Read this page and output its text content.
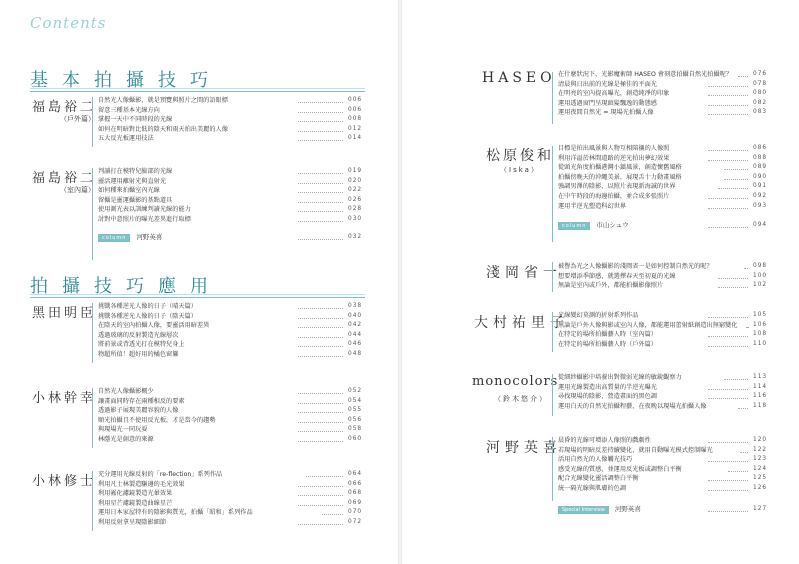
Contents
基本拍攝技巧
福島裕二
（戶外篇）
自然光人像攝影，就是預覽與照片之間的語眼標	006
留意三種基本光線方向	006
掌握一天中不同時段的光線	008
如何在明暗對比低的陰天和雨天拍出美麗的人像	012
五大反光板運用技法	014
福島裕二
（室內篇）
判讀打在模特兒臉部的光線	019
靈活運用離射光與直射光	020
如何種來拍攝室內光線	022
留攝是靈運攝影的基點道具	026
使用測光表以訓練判讀光線的能力	028
討對中意照片的曝光差異進行取標	030
column 河野英喜	032
拍攝技巧應用
黑田明臣 挑戰各種逆光人像的日子（晴天篇）	038
挑戰各種逆光人像的日子（陰天篇）	040
在陰天的室內拍攝人像，要靈活用暗差異	042
透過玻璃的反射製造光線層次	044
將前景或背透光打在模特兒身上	046
物超所值！超好用的橘色窗簾	048
小林幹幸 自然光人像攝影概少	052
讓畫面同時存在兩種相反的要素	054
透過影子展現美麗容貌的人像	055
順光拍攝且不使用反光板，才是當今的趨勢	056
與現場光一同玩耍	058
林蔭光是創意的來源	060
小林修士 充分運用光線反射的「re-flection」系列作品	064
利用凡士林製造驅邊的毛光效果	066
利用霧化濾鏡製造光暈效果	068
利用星芒濾鏡製造曲線星芒	069
運用日本家屋特有的陰影與質光，拍攝「昭和」系列作品	070
利用反射拿呈現陰影細節	072
HASEO 在什麼狀況下，光影魔術師 HASEO 會刻意拍攝自然光拍攝呢？	076
清晨與日出前的光線是極佳的平面光	078
在明亮的室內提高曝光，創造純淨的印象	080
運用透過窗門呈現頭髮飄逸的動態感	082
運用夜間自然光 = 現場光拍攝人像	083
松原俊和
（Iska）
目標是拍出風景與人物互相陪襯的人像照	086
利用洋溢於林間道路的逆光拍出夢幻效果	088
從頭光角度拍攝港灣小鎮風景，創造懷舊風格	089
拍攝傍晚天的沖繩美景，展現舌十力動畫風格	090
強調男澤的陰影，以照片表現新海誠的世界	091
在中午時段的海邊拍攝，並合成多張照片	092
運用半逆光塑造科幻世界	093
column 市山シュウ	094
淺岡省一
被譽為光之人像攝影的淺岡省一是如何控制自然光的呢？	098
想要增添季節感，就選擇春天至初夏的光線	100
無論是室內或戶外，都能拍攝影像照片	102
大村祐里子
光線變幻莫測的折射系列作品	105
無論是戶外人像與影或室內人像，都能運用蕾射紙創造出無窮變化	106
在特定的場所拍攝藝人時（室內篇）	108
在特定的場所拍攝藝人時（戶外篇）	110
monocolors
（鈴木悠介）
從細紗攝影中培養出對微弱光線的敏銳觀察力	113
運用光線製造出高質量的半逆光曝光	114
尋找現場的陰影，營造畫面的黑色調	116
運用白天的自然光拍攝程藝，在夜晚以現場光拍攝人像	118
河野英喜
晨昏的光線可增添人像照的戲劇性	120
若現場的明暗反差持續變化，就用自動曝光模式控制曝光	122
活用自然光的人像觸光技巧	123
感受光線的質感，並運用反光板或調整白平衡	124
配合光線變化靈活調整白平衡	125
統一隔光線與肌膚的色調	126
Special Interview 河野英喜	127
